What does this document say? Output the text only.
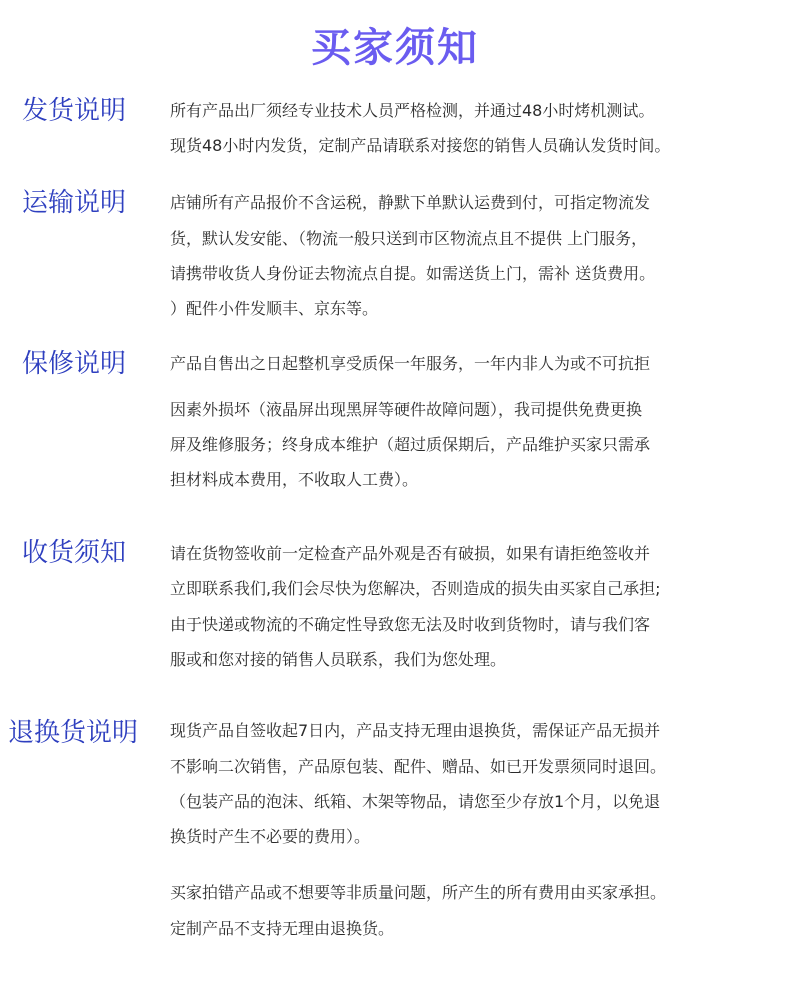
买家须知
发货说明	所有产品出厂须经专业技术人员严格检测，并通过48小时烤机测试。
现货48小时内发货，定制产品请联系对接您的销售人员确认发货时间。
运输说明	店铺所有产品报价不含运税，静默下单默认运费到付，可指定物流发
货，默认发安能、（物流一般只送到市区物流点且不提供 上门服务，
请携带收货人身份证去物流点自提。如需送货上门，需补 送货费用。
）配件小件发顺丰、京东等。
保修说明	产品自售出之日起整机享受质保一年服务，一年内非人为或不可抗拒
因素外损坏（液晶屏出现黑屏等硬件故障问题），我司提供免费更换
屏及维修服务；终身成本维护（超过质保期后，产品维护买家只需承
担材料成本费用，不收取人工费）。
收货须知	请在货物签收前一定检查产品外观是否有破损，如果有请拒绝签收并
立即联系我们,我们会尽快为您解决，否则造成的损失由买家自己承担;
由于快递或物流的不确定性导致您无法及时收到货物时，请与我们客
服或和您对接的销售人员联系，我们为您处理。
退换货说明 现货产品自签收起7日内，产品支持无理由退换货，需保证产品无损并
不影响二次销售，产品原包装、配件、赠品、如已开发票须同时退回。
（包装产品的泡沫、纸箱、木架等物品，请您至少存放1个月，以免退
换货时产生不必要的费用）。
买家拍错产品或不想要等非质量问题，所产生的所有费用由买家承担。
定制产品不支持无理由退换货。
